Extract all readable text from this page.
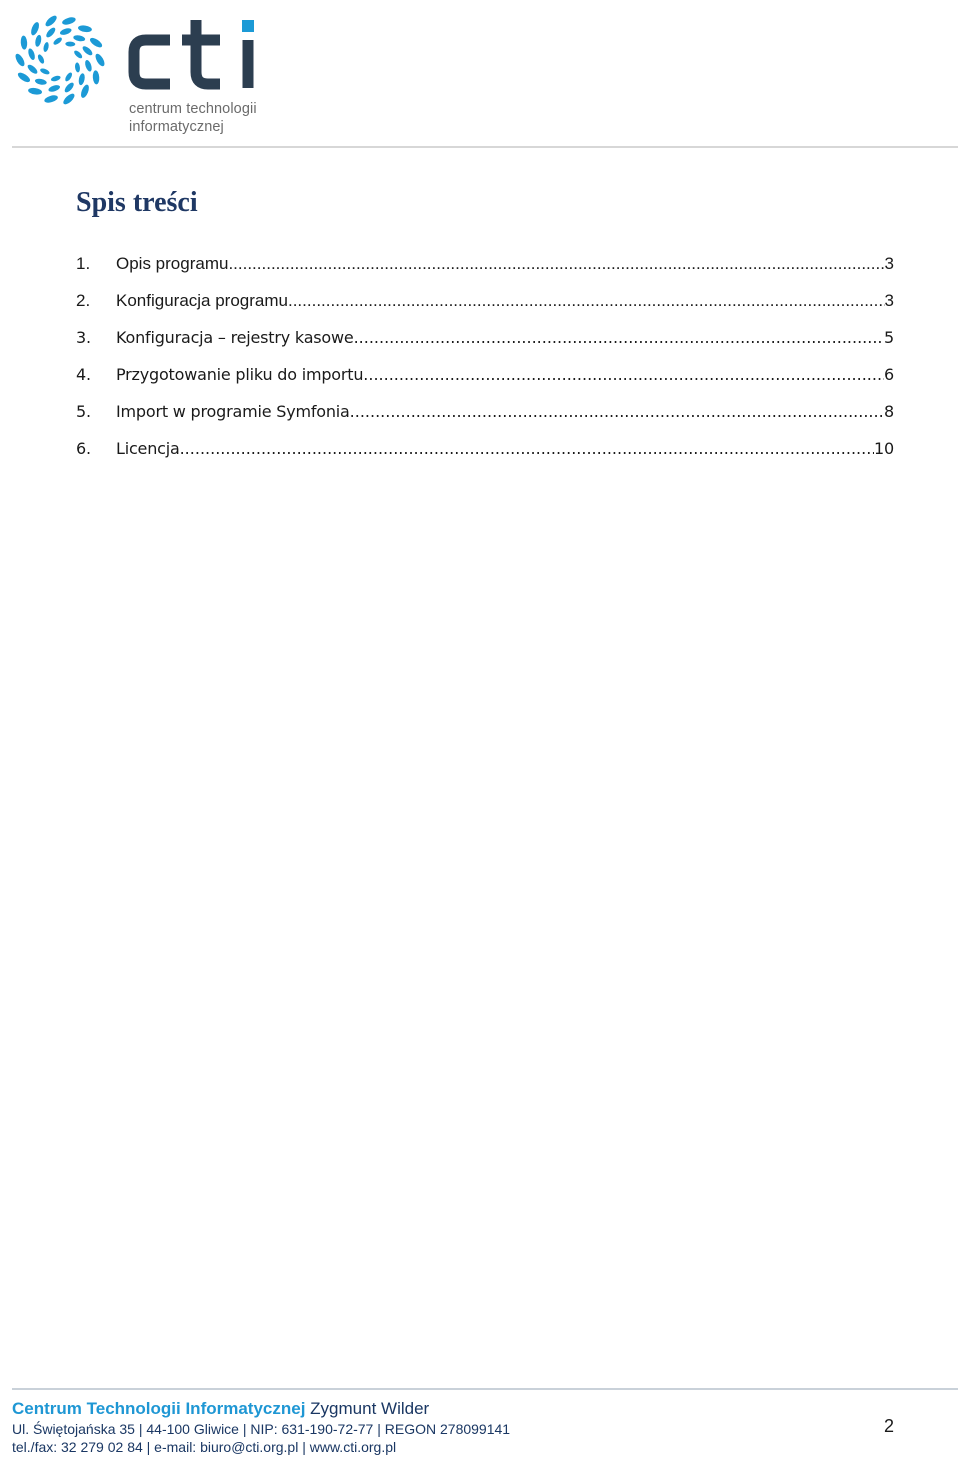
centrum technologii
informatycznej
Spis treści
1.	Opis programu .....	3
2.	Konfiguracja programu .....	3
3.	Konfiguracja – rejestry kasowe .....	5
4.	Przygotowanie pliku do importu .....	6
5.	Import w programie Symfonia .....	8
6.	Licencja .....	10
Centrum Technologii Informatycznej Zygmunt Wilder
Ul. Świętojańska 35 | 44-100 Gliwice | NIP: 631-190-72-77 | REGON 278099141
tel./fax: 32 279 02 84 | e-mail: biuro@cti.org.pl | www.cti.org.pl
2
